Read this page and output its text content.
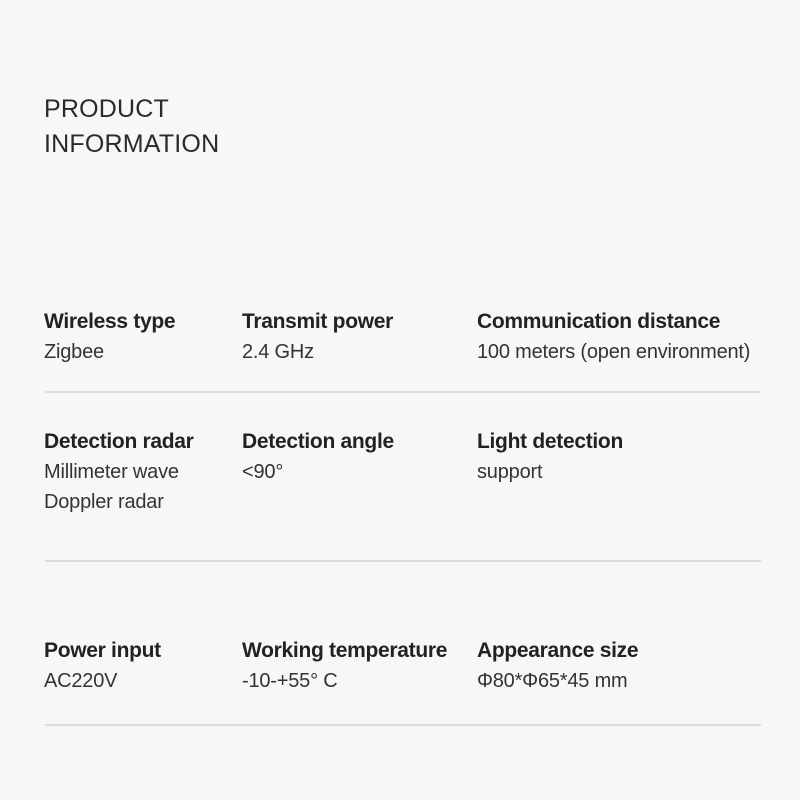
PRODUCT
INFORMATION
Wireless type
Zigbee
Transmit power
2.4 GHz
Communication distance
100 meters (open environment)
Detection radar
Millimeter wave
Doppler radar
Detection angle
<90°
Light detection
support
Power input
AC220V
Working temperature
-10-+55° C
Appearance size
Φ80*Φ65*45 mm
